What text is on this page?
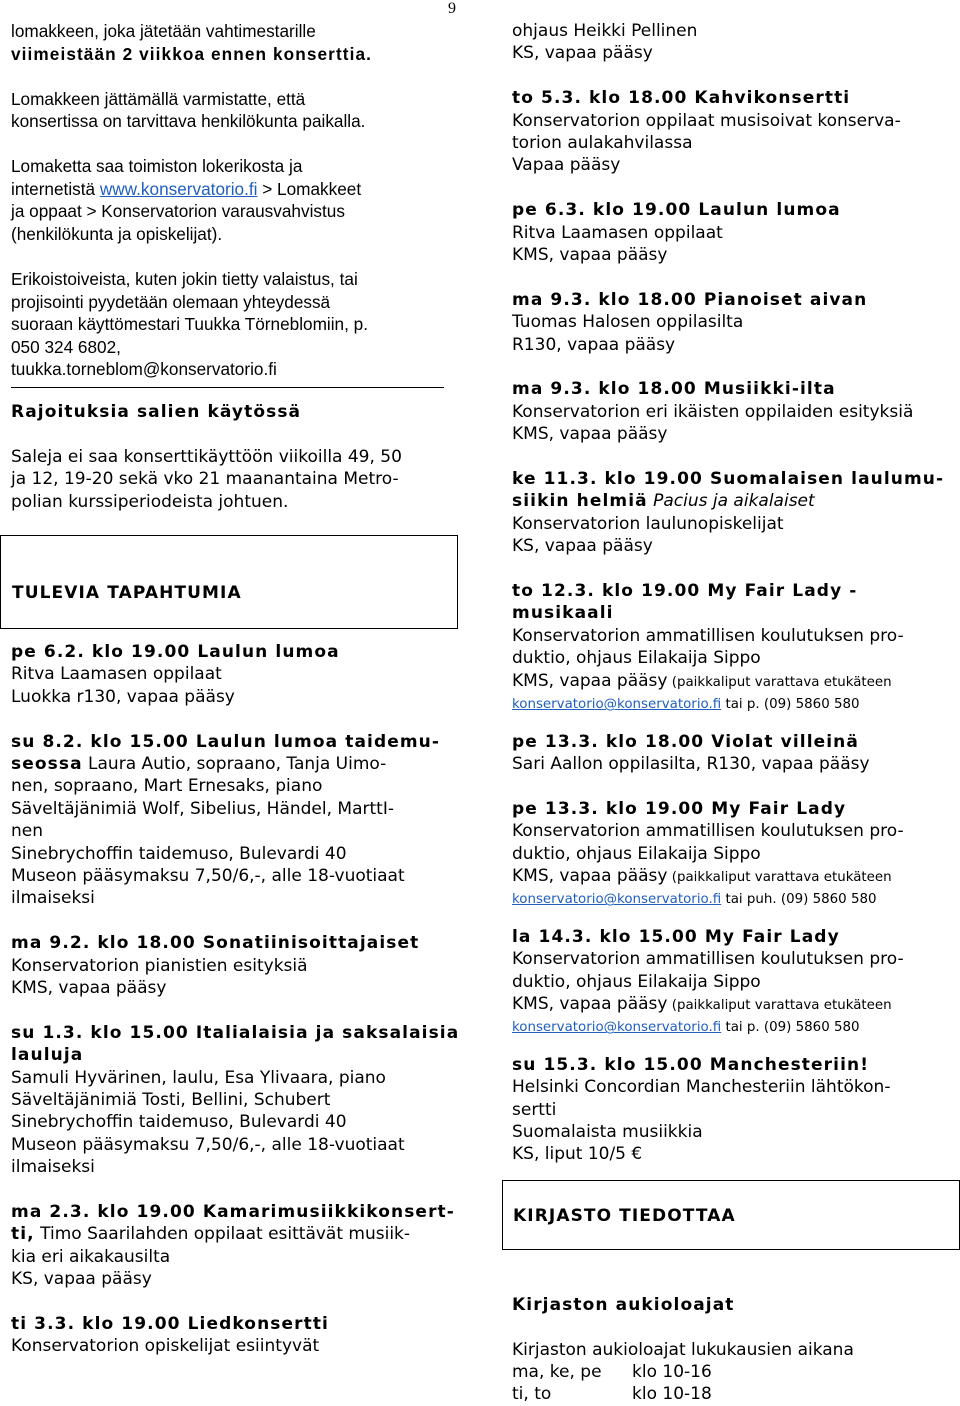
9
TULEVIA TAPAHTUMIA
KIRJASTO TIEDOTTAA

lomakkeen, joka jätetään vahtimestarille

viimeistään 2 viikkoa ennen konserttia.

Lomakkeen jättämällä varmistatte, että

konsertissa on tarvittava henkilökunta paikalla.

Lomaketta saa toimiston lokerikosta ja

internetistä www.konservatorio.fi > Lomakkeet

ja oppaat > Konservatorion varausvahvistus

(henkilökunta ja opiskelijat).

Erikoistoiveista, kuten jokin tietty valaistus, tai

projisointi pyydetään olemaan yhteydessä

suoraan käyttömestari Tuukka Törneblomiin, p.

050 324 6802,

tuukka.torneblom@konservatorio.fi

Rajoituksia salien käytössä

Saleja ei saa konserttikäyttöön viikoilla 49, 50

ja 12, 19-20 sekä vko 21 maanantaina Metro-

polian kurssiperiodeista johtuen.

pe 6.2. klo 19.00 Laulun lumoa

Ritva Laamasen oppilaat

Luokka r130, vapaa pääsy

su 8.2. klo 15.00 Laulun lumoa taidemu-

seossa Laura Autio, sopraano, Tanja Uimo-

nen, sopraano, Mart Ernesaks, piano

Säveltäjänimiä Wolf, Sibelius, Händel, MarttI-

nen

Sinebrychoffin taidemuso, Bulevardi 40

Museon pääsymaksu 7,50/6,-, alle 18-vuotiaat

ilmaiseksi

ma 9.2. klo 18.00 Sonatiinisoittajaiset

Konservatorion pianistien esityksiä

KMS, vapaa pääsy

su 1.3. klo 15.00 Italialaisia ja saksalaisia

lauluja

Samuli Hyvärinen, laulu, Esa Ylivaara, piano

Säveltäjänimiä Tosti, Bellini, Schubert

Sinebrychoffin taidemuso, Bulevardi 40

Museon pääsymaksu 7,50/6,-, alle 18-vuotiaat

ilmaiseksi

ma 2.3. klo 19.00 Kamarimusiikkikonsert-

ti, Timo Saarilahden oppilaat esittävät musiik-

kia eri aikakausilta

KS, vapaa pääsy

ti 3.3. klo 19.00 Liedkonsertti

Konservatorion opiskelijat esiintyvät

ohjaus Heikki Pellinen

KS, vapaa pääsy

to 5.3. klo 18.00 Kahvikonsertti

Konservatorion oppilaat musisoivat konserva-

torion aulakahvilassa

Vapaa pääsy

pe 6.3. klo 19.00 Laulun lumoa

Ritva Laamasen oppilaat

KMS, vapaa pääsy

ma 9.3. klo 18.00 Pianoiset aivan

Tuomas Halosen oppilasilta

R130, vapaa pääsy

ma 9.3. klo 18.00 Musiikki-ilta

Konservatorion eri ikäisten oppilaiden esityksiä

KMS, vapaa pääsy

ke 11.3. klo 19.00 Suomalaisen laulumu-

siikin helmiä Pacius ja aikalaiset

Konservatorion laulunopiskelijat

KS, vapaa pääsy

to 12.3. klo 19.00 My Fair Lady -musikaali

Konservatorion ammatillisen koulutuksen pro-

duktio, ohjaus Eilakaija Sippo

KMS, vapaa pääsy (paikkaliput varattava etukäteen

konservatorio@konservatorio.fi tai p. (09) 5860 580

pe 13.3. klo 18.00 Violat villeinä

Sari Aallon oppilasilta, R130, vapaa pääsy

pe 13.3. klo 19.00 My Fair Lady

Konservatorion ammatillisen koulutuksen pro-

duktio, ohjaus Eilakaija Sippo

KMS, vapaa pääsy (paikkaliput varattava etukäteen

konservatorio@konservatorio.fi tai puh. (09) 5860 580

la 14.3. klo 15.00 My Fair Lady

Konservatorion ammatillisen koulutuksen pro-

duktio, ohjaus Eilakaija Sippo

KMS, vapaa pääsy (paikkaliput varattava etukäteen

konservatorio@konservatorio.fi tai p. (09) 5860 580

su 15.3. klo 15.00 Manchesteriin!

Helsinki Concordian Manchesteriin lähtökon-

sertti

Suomalaista musiikkia

KS, liput 10/5 €

Kirjaston aukioloajat

Kirjaston aukioloajat lukukausien aikana

ma, ke, pe	klo 10-16
ti, to	klo 10-18
